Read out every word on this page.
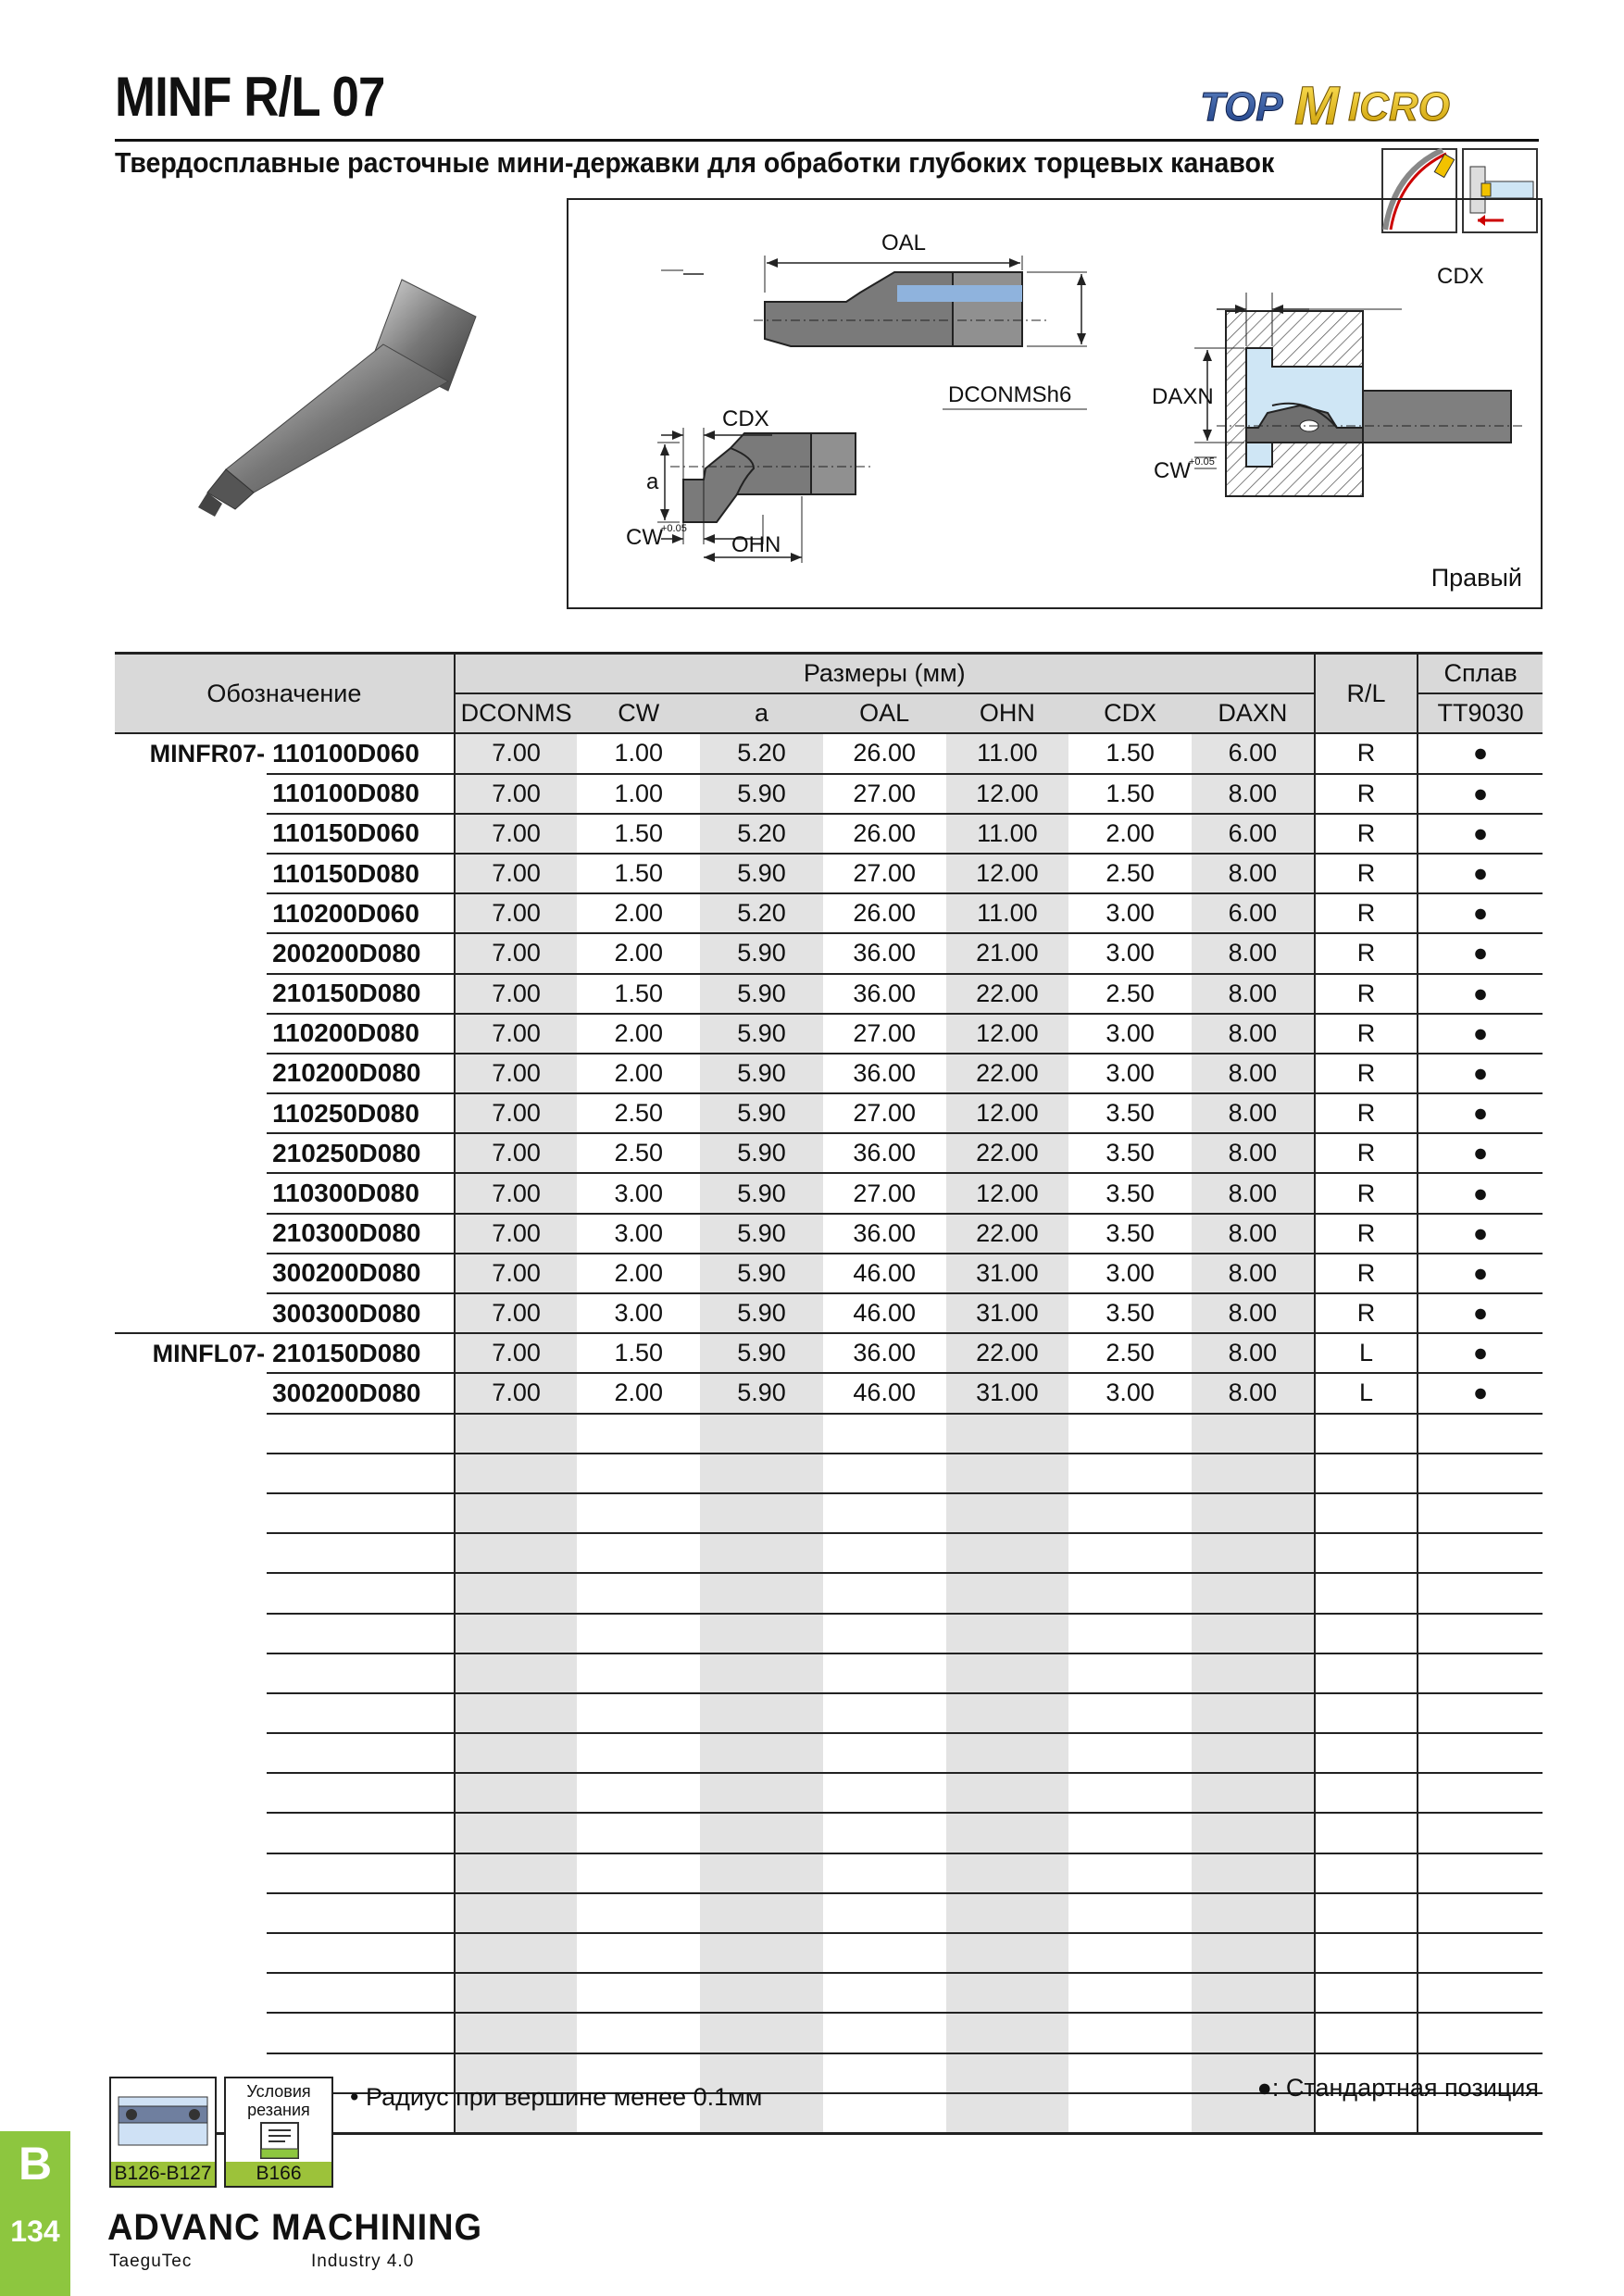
MINF R/L 07	TOP M ICRO
Твердосплавные расточные мини-державки для обработки глубоких торцевых канавок
OAL
DCONMSh6
CDX
a
CW
+0.05
OHN
CDX
DAXN
CW
+0.05
Правый
Обозначение		Размеры (мм)							R/L	Сплав
		DCONMS	CW	a	OAL	OHN	CDX	DAXN		TT9030
MINFR07-	110100D060	7.00	1.00	5.20	26.00	11.00	1.50	6.00	R	●
	110100D080	7.00	1.00	5.90	27.00	12.00	1.50	8.00	R	●
	110150D060	7.00	1.50	5.20	26.00	11.00	2.00	6.00	R	●
	110150D080	7.00	1.50	5.90	27.00	12.00	2.50	8.00	R	●
	110200D060	7.00	2.00	5.20	26.00	11.00	3.00	6.00	R	●
	200200D080	7.00	2.00	5.90	36.00	21.00	3.00	8.00	R	●
	210150D080	7.00	1.50	5.90	36.00	22.00	2.50	8.00	R	●
	110200D080	7.00	2.00	5.90	27.00	12.00	3.00	8.00	R	●
	210200D080	7.00	2.00	5.90	36.00	22.00	3.00	8.00	R	●
	110250D080	7.00	2.50	5.90	27.00	12.00	3.50	8.00	R	●
	210250D080	7.00	2.50	5.90	36.00	22.00	3.50	8.00	R	●
	110300D080	7.00	3.00	5.90	27.00	12.00	3.50	8.00	R	●
	210300D080	7.00	3.00	5.90	36.00	22.00	3.50	8.00	R	●
	300200D080	7.00	2.00	5.90	46.00	31.00	3.00	8.00	R	●
	300300D080	7.00	3.00	5.90	46.00	31.00	3.50	8.00	R	●
MINFL07-	210150D080	7.00	1.50	5.90	36.00	22.00	2.50	8.00	L	●
	300200D080	7.00	2.00	5.90	46.00	31.00	3.00	8.00	L	●

B126-B127
Условия резания
B166
• Радиус при вершине менее 0.1мм	●: Стандартная позиция
B
134 ADVANC MACHINING
TaeguTec	Industry 4.0
